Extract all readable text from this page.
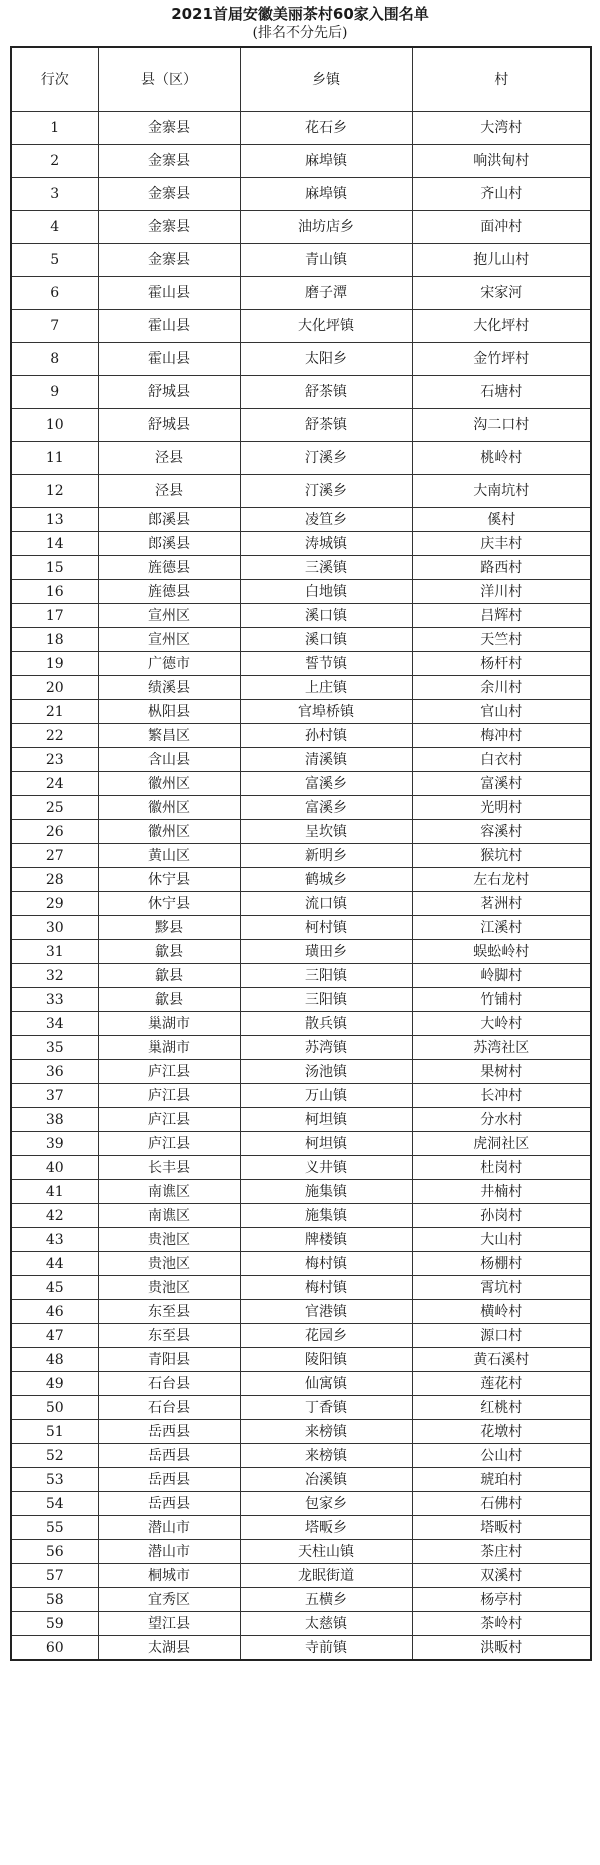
2021首届安徽美丽茶村60家入围名单
(排名不分先后)
行次	县（区）	乡镇	村
1	金寨县	花石乡	大湾村
2	金寨县	麻埠镇	响洪甸村
3	金寨县	麻埠镇	齐山村
4	金寨县	油坊店乡	面冲村
5	金寨县	青山镇	抱儿山村
6	霍山县	磨子潭	宋家河
7	霍山县	大化坪镇	大化坪村
8	霍山县	太阳乡	金竹坪村
9	舒城县	舒茶镇	石塘村
10	舒城县	舒茶镇	沟二口村
11	泾县	汀溪乡	桃岭村
12	泾县	汀溪乡	大南坑村
13	郎溪县	凌笪乡	傒村
14	郎溪县	涛城镇	庆丰村
15	旌德县	三溪镇	路西村
16	旌德县	白地镇	洋川村
17	宣州区	溪口镇	吕辉村
18	宣州区	溪口镇	天竺村
19	广德市	誓节镇	杨杆村
20	绩溪县	上庄镇	余川村
21	枞阳县	官埠桥镇	官山村
22	繁昌区	孙村镇	梅冲村
23	含山县	清溪镇	白衣村
24	徽州区	富溪乡	富溪村
25	徽州区	富溪乡	光明村
26	徽州区	呈坎镇	容溪村
27	黄山区	新明乡	猴坑村
28	休宁县	鹤城乡	左右龙村
29	休宁县	流口镇	茗洲村
30	黟县	柯村镇	江溪村
31	歙县	璜田乡	蜈蚣岭村
32	歙县	三阳镇	岭脚村
33	歙县	三阳镇	竹铺村
34	巢湖市	散兵镇	大岭村
35	巢湖市	苏湾镇	苏湾社区
36	庐江县	汤池镇	果树村
37	庐江县	万山镇	长冲村
38	庐江县	柯坦镇	分水村
39	庐江县	柯坦镇	虎洞社区
40	长丰县	义井镇	杜岗村
41	南谯区	施集镇	井楠村
42	南谯区	施集镇	孙岗村
43	贵池区	牌楼镇	大山村
44	贵池区	梅村镇	杨棚村
45	贵池区	梅村镇	霄坑村
46	东至县	官港镇	横岭村
47	东至县	花园乡	源口村
48	青阳县	陵阳镇	黄石溪村
49	石台县	仙寓镇	莲花村
50	石台县	丁香镇	红桃村
51	岳西县	来榜镇	花墩村
52	岳西县	来榜镇	公山村
53	岳西县	冶溪镇	琥珀村
54	岳西县	包家乡	石佛村
55	潜山市	塔畈乡	塔畈村
56	潜山市	天柱山镇	茶庄村
57	桐城市	龙眠街道	双溪村
58	宜秀区	五横乡	杨亭村
59	望江县	太慈镇	茶岭村
60	太湖县	寺前镇	洪畈村
